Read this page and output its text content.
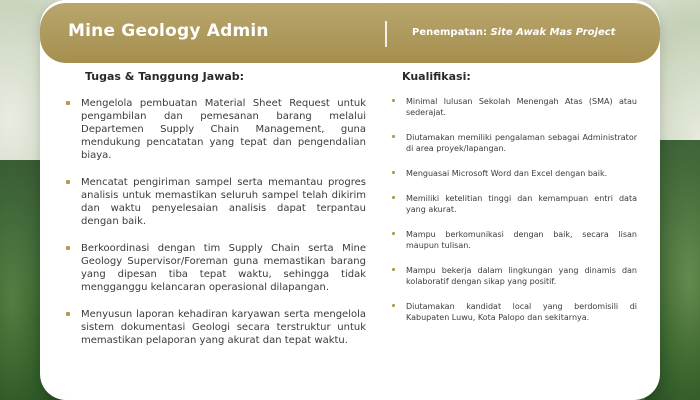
Mine Geology Admin	Penempatan: Site Awak Mas Project
Tugas & Tanggung Jawab:
Mengelola pembuatan Material Sheet Request untuk pengambilan dan pemesanan barang melalui Departemen Supply Chain Management, guna mendukung pencatatan yang tepat dan pengendalian biaya.
Mencatat pengiriman sampel serta memantau progres analisis untuk memastikan seluruh sampel telah dikirim dan waktu penyelesaian analisis dapat terpantau dengan baik.
Berkoordinasi dengan tim Supply Chain serta Mine Geology Supervisor/Foreman guna memastikan barang yang dipesan tiba tepat waktu, sehingga tidak mengganggu kelancaran operasional dilapangan.
Menyusun laporan kehadiran karyawan serta mengelola sistem dokumentasi Geologi secara terstruktur untuk memastikan pelaporan yang akurat dan tepat waktu.
Kualifikasi:
Minimal lulusan Sekolah Menengah Atas (SMA) atau sederajat.
Diutamakan memiliki pengalaman sebagai Administrator di area proyek/lapangan.
Menguasai Microsoft Word dan Excel dengan baik.
Memiliki ketelitian tinggi dan kemampuan entri data yang akurat.
Mampu berkomunikasi dengan baik, secara lisan maupun tulisan.
Mampu bekerja dalam lingkungan yang dinamis dan kolaboratif dengan sikap yang positif.
Diutamakan kandidat local yang berdomisili di Kabupaten Luwu, Kota Palopo dan sekitarnya.
